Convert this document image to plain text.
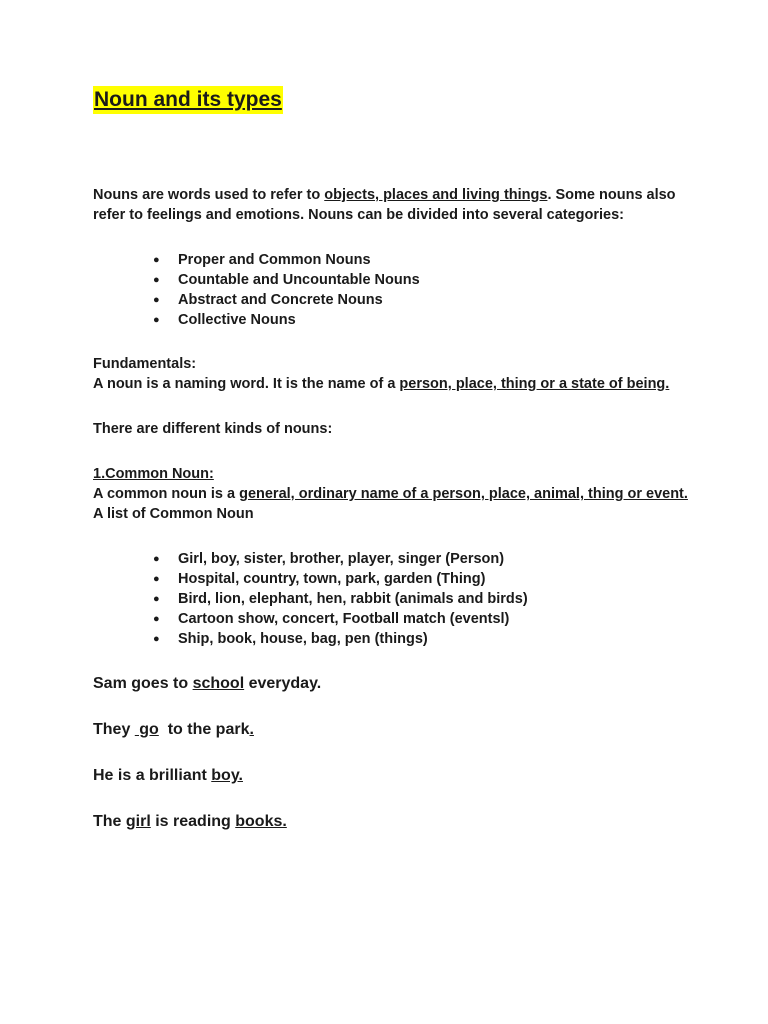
Noun and its types
Nouns are words used to refer to objects, places and living things. Some nouns also refer to feelings and emotions. Nouns can be divided into several categories:
● Proper and Common Nouns
● Countable and Uncountable Nouns
● Abstract and Concrete Nouns
● Collective Nouns
Fundamentals:
A noun is a naming word. It is the name of a person, place, thing or a state of being.
There are different kinds of nouns:
1.Common Noun:
A common noun is a general, ordinary name of a person, place, animal, thing or event. A list of Common Noun
● Girl, boy, sister, brother, player, singer (Person)
● Hospital, country, town, park, garden (Thing)
● Bird, lion, elephant, hen, rabbit (animals and birds)
● Cartoon show, concert, Football match (eventsl)
● Ship, book, house, bag, pen (things)
Sam goes to school everyday.
They  go  to the park.
He is a brilliant boy.
The girl is reading books.
